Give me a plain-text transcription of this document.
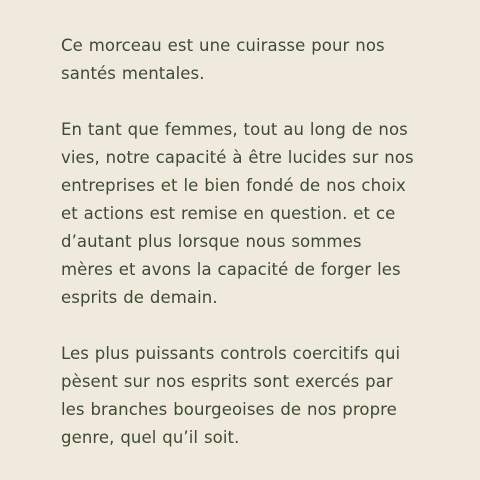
Ce morceau est une cuirasse pour nos
santés mentales.

En tant que femmes, tout au long de nos
vies, notre capacité à être lucides sur nos
entreprises et le bien fondé de nos choix
et actions est remise en question. et ce
d’autant plus lorsque nous sommes
mères et avons la capacité de forger les
esprits de demain.

Les plus puissants controls coercitifs qui
pèsent sur nos esprits sont exercés par
les branches bourgeoises de nos propre
genre, quel qu’il soit.
